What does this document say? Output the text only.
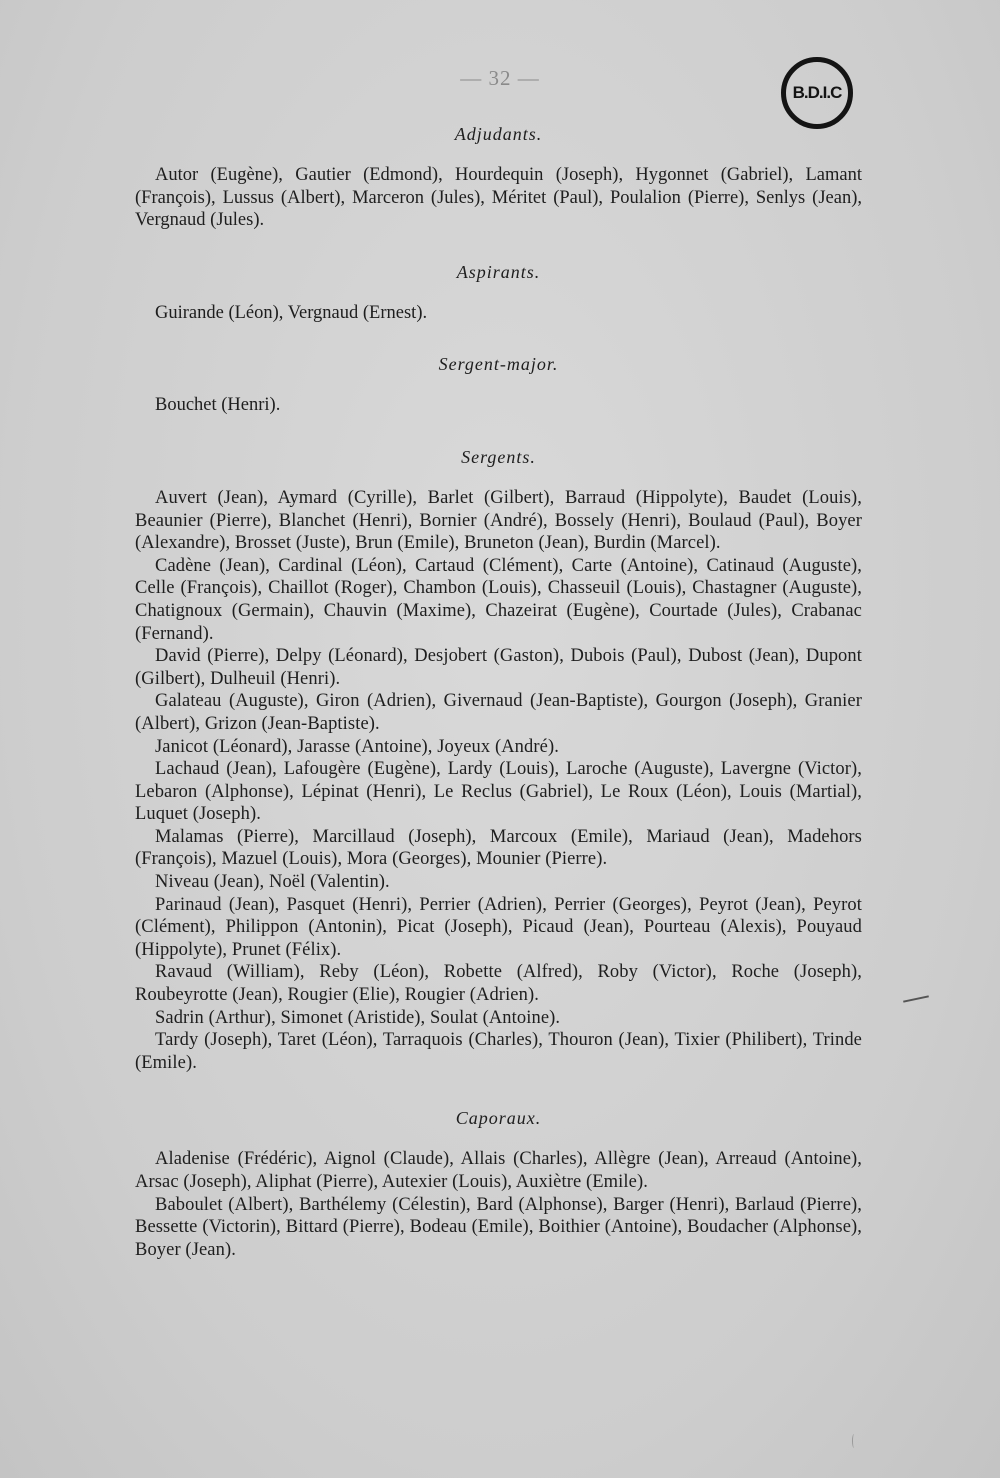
— 32 —
B.D.I.C
Adjudants.

Autor (Eugène), Gautier (Edmond), Hourdequin (Joseph), Hygonnet (Gabriel), Lamant (François), Lussus (Albert), Marceron (Jules), Méritet (Paul), Poulalion (Pierre), Senlys (Jean), Vergnaud (Jules).

Aspirants.

Guirande (Léon), Vergnaud (Ernest).

Sergent-major.

Bouchet (Henri).

Sergents.

Auvert (Jean), Aymard (Cyrille), Barlet (Gilbert), Barraud (Hippolyte), Baudet (Louis), Beaunier (Pierre), Blanchet (Henri), Bornier (André), Bossely (Henri), Boulaud (Paul), Boyer (Alexandre), Brosset (Juste), Brun (Emile), Bruneton (Jean), Burdin (Marcel).

Cadène (Jean), Cardinal (Léon), Cartaud (Clément), Carte (Antoine), Catinaud (Auguste), Celle (François), Chaillot (Roger), Chambon (Louis), Chasseuil (Louis), Chastagner (Auguste), Chatignoux (Germain), Chauvin (Maxime), Chazeirat (Eugène), Courtade (Jules), Crabanac (Fernand).

David (Pierre), Delpy (Léonard), Desjobert (Gaston), Dubois (Paul), Dubost (Jean), Dupont (Gilbert), Dulheuil (Henri).

Galateau (Auguste), Giron (Adrien), Givernaud (Jean-Baptiste), Gourgon (Joseph), Granier (Albert), Grizon (Jean-Baptiste).

Janicot (Léonard), Jarasse (Antoine), Joyeux (André).

Lachaud (Jean), Lafougère (Eugène), Lardy (Louis), Laroche (Auguste), Lavergne (Victor), Lebaron (Alphonse), Lépinat (Henri), Le Reclus (Gabriel), Le Roux (Léon), Louis (Martial), Luquet (Joseph).

Malamas (Pierre), Marcillaud (Joseph), Marcoux (Emile), Mariaud (Jean), Madehors (François), Mazuel (Louis), Mora (Georges), Mounier (Pierre).

Niveau (Jean), Noël (Valentin).

Parinaud (Jean), Pasquet (Henri), Perrier (Adrien), Perrier (Georges), Peyrot (Jean), Peyrot (Clément), Philippon (Antonin), Picat (Joseph), Picaud (Jean), Pourteau (Alexis), Pouyaud (Hippolyte), Prunet (Félix).

Ravaud (William), Reby (Léon), Robette (Alfred), Roby (Victor), Roche (Joseph), Roubeyrotte (Jean), Rougier (Elie), Rougier (Adrien).

Sadrin (Arthur), Simonet (Aristide), Soulat (Antoine).

Tardy (Joseph), Taret (Léon), Tarraquois (Charles), Thouron (Jean), Tixier (Philibert), Trinde (Emile).

Caporaux.

Aladenise (Frédéric), Aignol (Claude), Allais (Charles), Allègre (Jean), Arreaud (Antoine), Arsac (Joseph), Aliphat (Pierre), Autexier (Louis), Auxiètre (Emile).

Baboulet (Albert), Barthélemy (Célestin), Bard (Alphonse), Barger (Henri), Barlaud (Pierre), Bessette (Victorin), Bittard (Pierre), Bodeau (Emile), Boithier (Antoine), Boudacher (Alphonse), Boyer (Jean).
